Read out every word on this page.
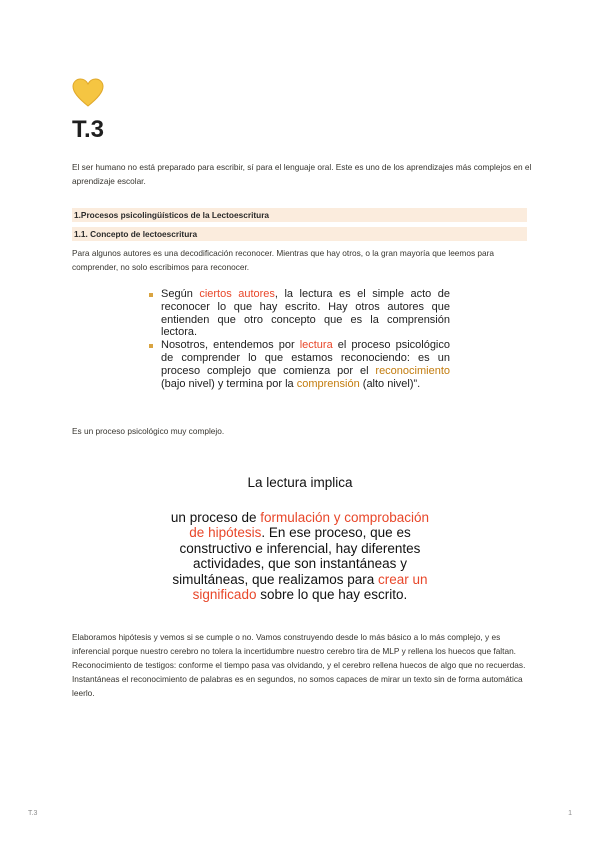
T.3

El ser humano no está preparado para escribir, sí para el lenguaje oral. Este es uno de los aprendizajes más complejos en el aprendizaje escolar.

1.Procesos psicolingüísticos de la Lectoescritura
1.1. Concepto de lectoescritura

Para algunos autores es una decodificación reconocer. Mientras que hay otros, o la gran mayoría que leemos para comprender, no solo escribimos para reconocer.

Según ciertos autores, la lectura es el simple acto de reconocer lo que hay escrito. Hay otros autores que entienden que otro concepto que es la comprensión lectora.
Nosotros, entendemos por lectura el proceso psicológico de comprender lo que estamos reconociendo: es un proceso complejo que comienza por el reconocimiento (bajo nivel) y termina por la comprensión (alto nivel)”.

Es un proceso psicológico muy complejo.

La lectura implica
un proceso de formulación y comprobación de hipótesis. En ese proceso, que es constructivo e inferencial, hay diferentes actividades, que son instantáneas y simultáneas, que realizamos para crear un significado sobre lo que hay escrito.

Elaboramos hipótesis y vemos si se cumple o no. Vamos construyendo desde lo más básico a lo más complejo, y es inferencial porque nuestro cerebro no tolera la incertidumbre nuestro cerebro tira de MLP y rellena los huecos que faltan. Reconocimiento de testigos: conforme el tiempo pasa vas olvidando, y el cerebro rellena huecos de algo que no recuerdas. Instantáneas el reconocimiento de palabras es en segundos, no somos capaces de mirar un texto sin de forma automática leerlo.

T.3	1
